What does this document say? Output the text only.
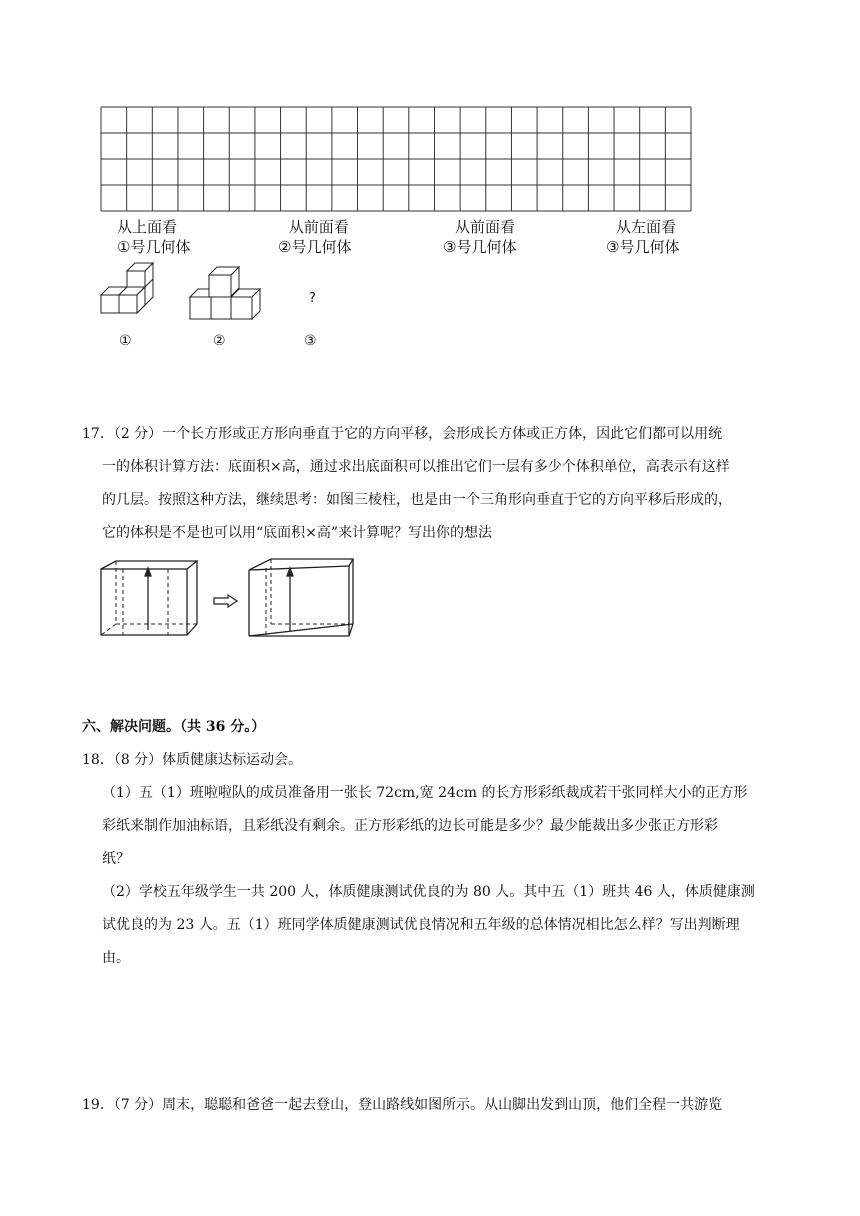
从上面看
①号几何体
从前面看
②号几何体
从前面看
③号几何体
从左面看
③号几何体
①	②
?
③
17．（2 分）一个长方形或正方形向垂直于它的方向平移，会形成长方体或正方体，因此它们都可以用统
一的体积计算方法：底面积×高，通过求出底面积可以推出它们一层有多少个体积单位，高表示有这样
的几层。按照这种方法，继续思考：如图三棱柱，也是由一个三角形向垂直于它的方向平移后形成的，
它的体积是不是也可以用“底面积×高”来计算呢？写出你的想法
六、解决问题。（共 36 分。）
18．（8 分）体质健康达标运动会。
（1）五（1）班啦啦队的成员准备用一张长 72cm,宽 24cm 的长方形彩纸裁成若干张同样大小的正方形
彩纸来制作加油标语，且彩纸没有剩余。正方形彩纸的边长可能是多少？最少能裁出多少张正方形彩
纸？
（2）学校五年级学生一共 200 人，体质健康测试优良的为 80 人。其中五（1）班共 46 人，体质健康测
试优良的为 23 人。五（1）班同学体质健康测试优良情况和五年级的总体情况相比怎么样？写出判断理
由。
19．（7 分）周末，聪聪和爸爸一起去登山，登山路线如图所示。从山脚出发到山顶，他们全程一共游览
